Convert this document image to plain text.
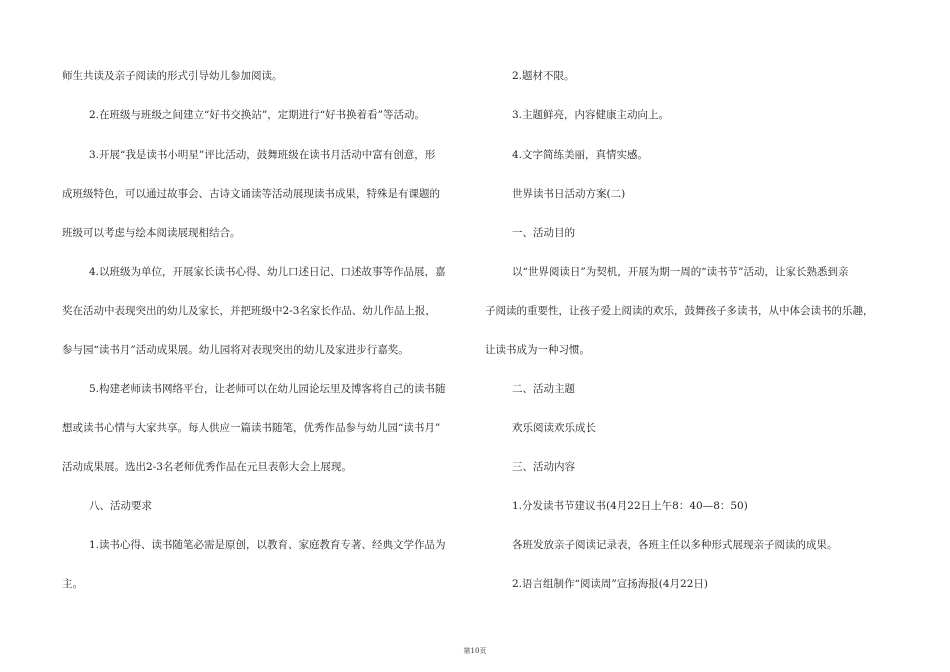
师生共读及亲子阅读的形式引导幼儿参加阅读。
2.在班级与班级之间建立“好书交换站”，定期进行“好书换着看”等活动。
3.开展“我是读书小明星”评比活动，鼓舞班级在读书月活动中富有创意，形
成班级特色，可以通过故事会、古诗文诵读等活动展现读书成果，特殊是有课题的
班级可以考虑与绘本阅读展现相结合。
4.以班级为单位，开展家长读书心得、幼儿口述日记、口述故事等作品展，嘉
奖在活动中表现突出的幼儿及家长，并把班级中2-3名家长作品、幼儿作品上报，
参与园“读书月”活动成果展。幼儿园将对表现突出的幼儿及家进步行嘉奖。
5.构建老师读书网络平台，让老师可以在幼儿园论坛里及博客将自己的读书随
想或读书心情与大家共享。每人供应一篇读书随笔，优秀作品参与幼儿园“读书月”
活动成果展。选出2-3名老师优秀作品在元旦表彰大会上展现。
八、活动要求
1.读书心得、读书随笔必需是原创，以教育、家庭教育专著、经典文学作品为
主。
2.题材不限。
3.主题鲜亮，内容健康主动向上。
4.文字简练美丽，真情实感。
世界读书日活动方案(二)
一、活动目的
以“世界阅读日”为契机，开展为期一周的“读书节”活动，让家长熟悉到亲
子阅读的重要性，让孩子爱上阅读的欢乐，鼓舞孩子多读书，从中体会读书的乐趣，
让读书成为一种习惯。
二、活动主题
欢乐阅读欢乐成长
三、活动内容
1.分发读书节建议书(4月22日上午8：40—8：50)
各班发放亲子阅读记录表，各班主任以多种形式展现亲子阅读的成果。
2.语言组制作“阅读周”宣扬海报(4月22日)
第10页
